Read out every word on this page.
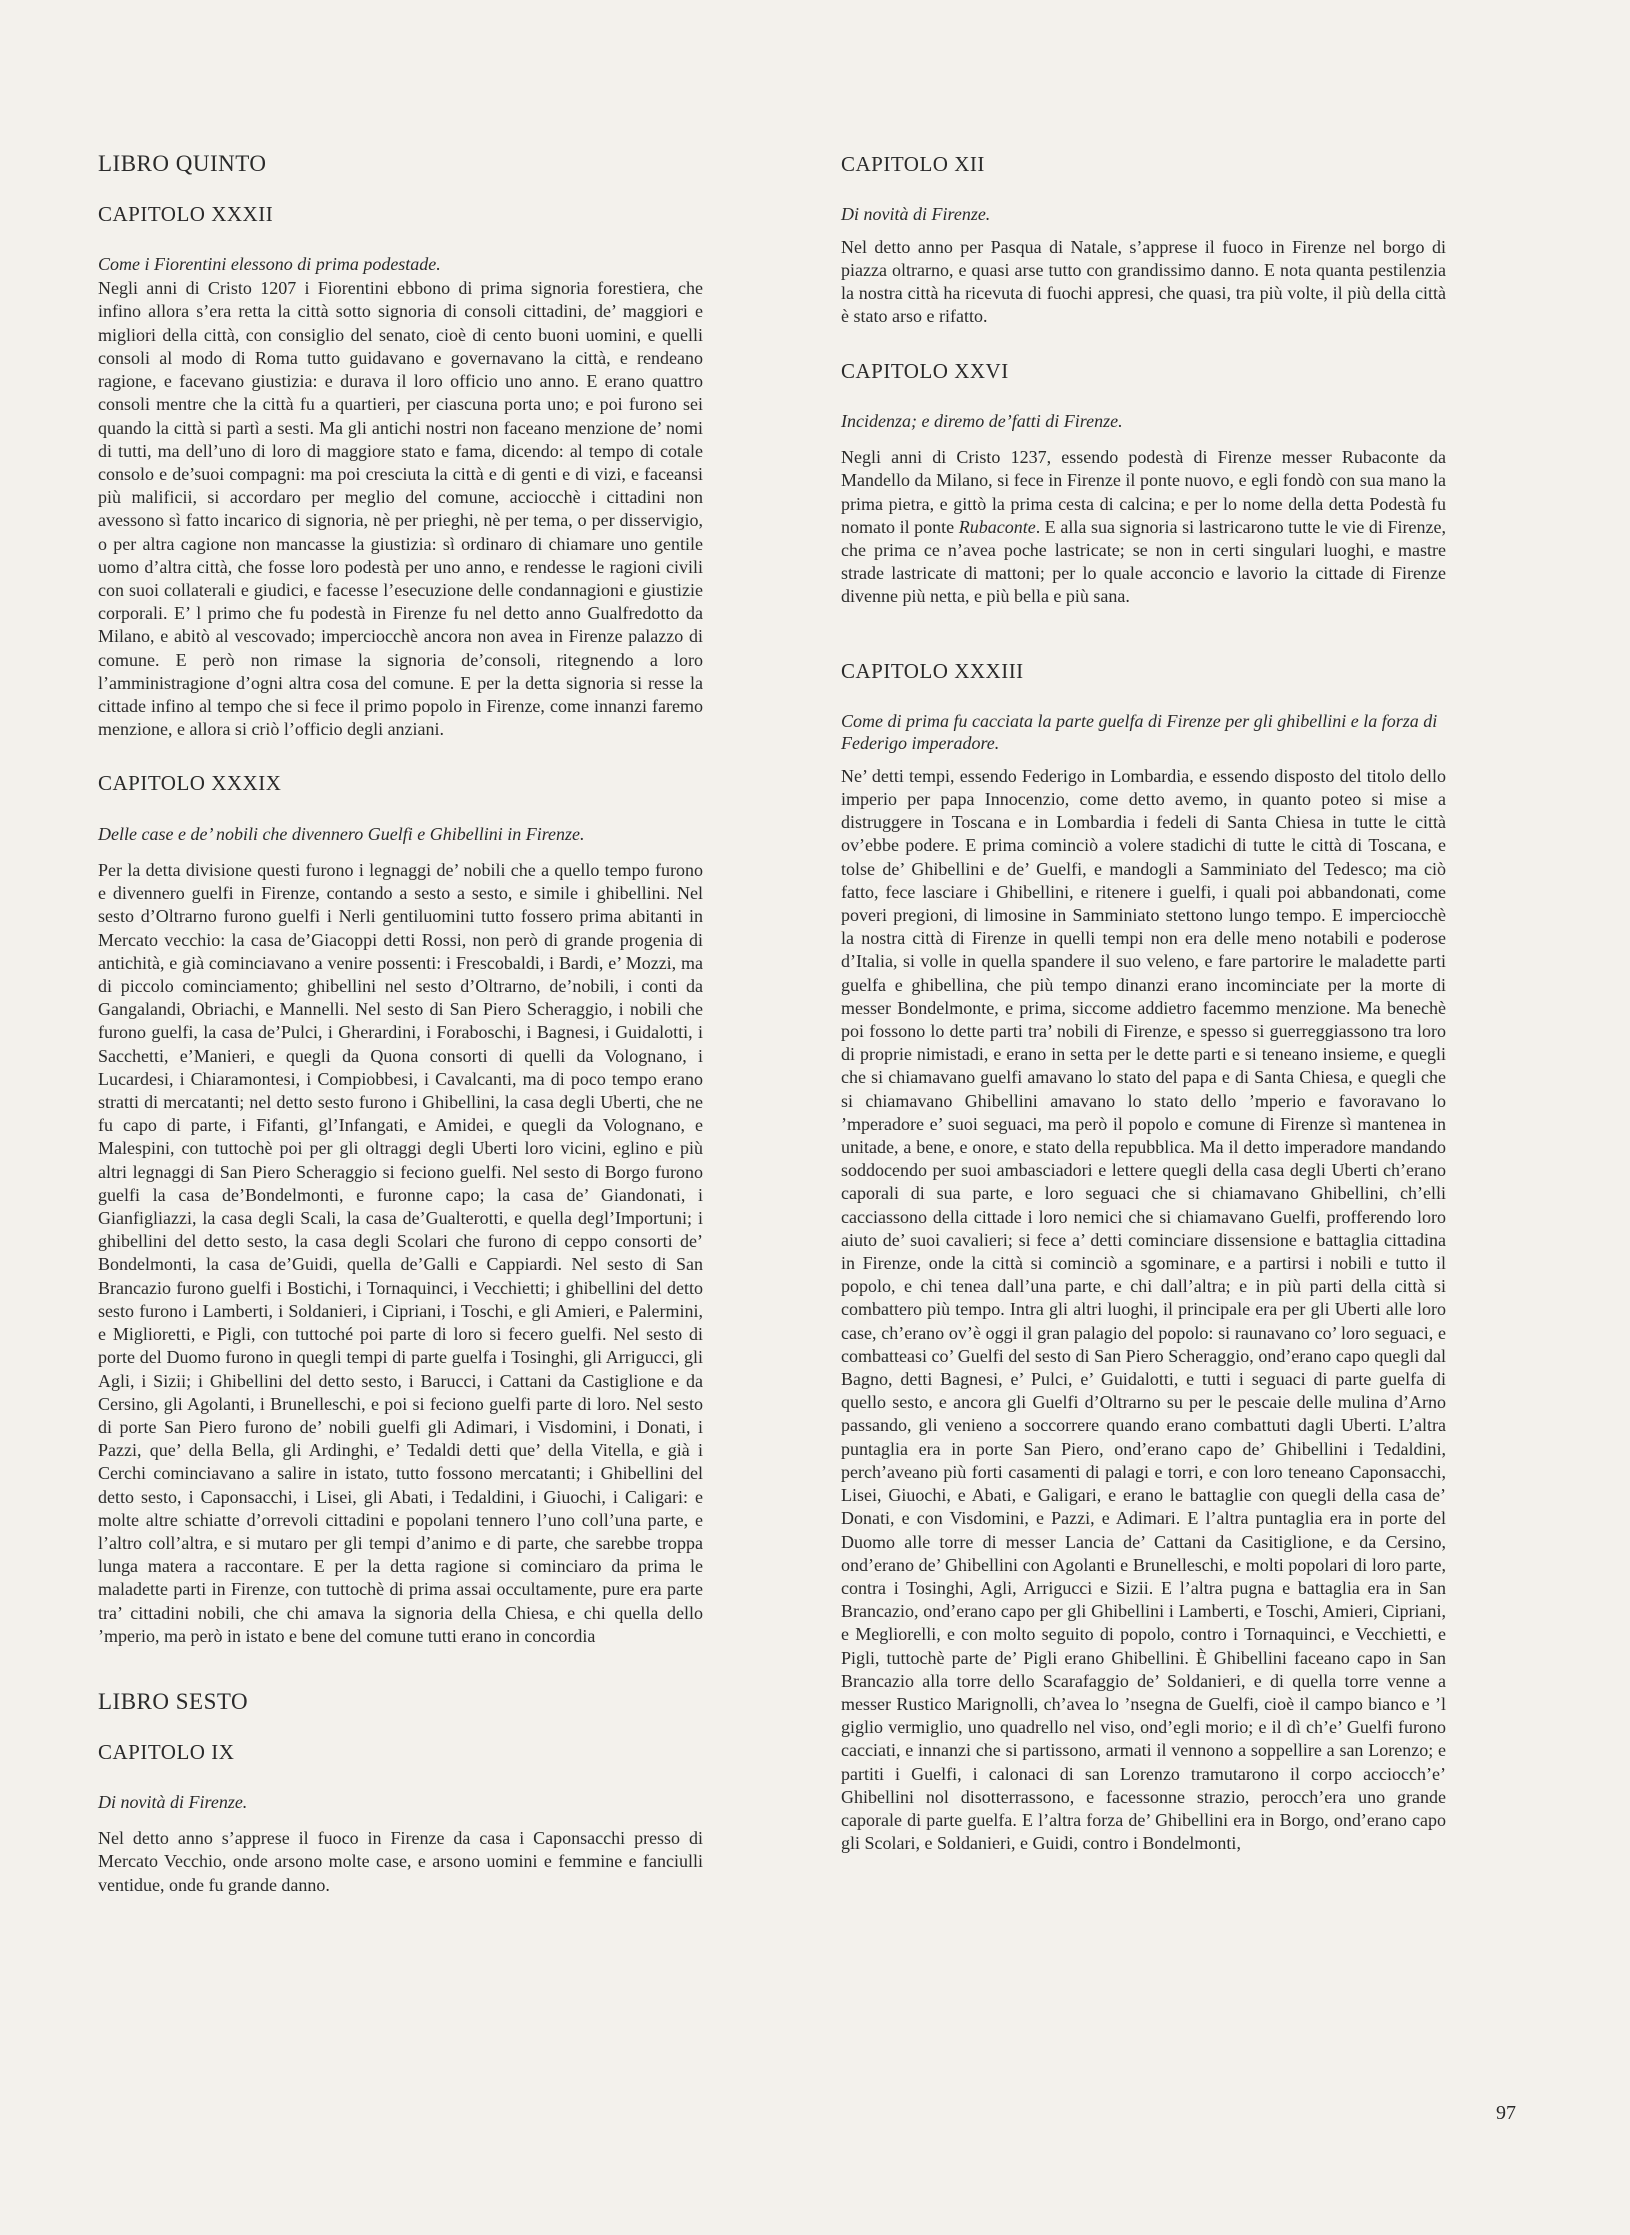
LIBRO QUINTO
CAPITOLO XXXII

Come i Fiorentini elessono di prima podestade.

Negli anni di Cristo 1207 i Fiorentini ebbono di prima signoria forestiera, che infino allora s’era retta la città sotto signoria di consoli cittadini, de’ maggiori e migliori della città, con consiglio del senato, cioè di cento buoni uomini, e quelli consoli al modo di Roma tutto guidavano e governavano la città, e rendeano ragione, e facevano giustizia: e durava il loro officio uno anno. E erano quattro consoli mentre che la città fu a quartieri, per ciascuna porta uno; e poi furono sei quando la città si partì a sesti. Ma gli antichi nostri non faceano menzione de’ nomi di tutti, ma dell’uno di loro di maggiore stato e fama, dicendo: al tempo di cotale consolo e de’suoi compagni: ma poi cresciuta la città e di genti e di vizi, e faceansi più malificii, si accordaro per meglio del comune, acciocchè i cittadini non avessono sì fatto incarico di signoria, nè per prieghi, nè per tema, o per disservigio, o per altra cagione non mancasse la giustizia: sì ordinaro di chiamare uno gentile uomo d’altra città, che fosse loro podestà per uno anno, e rendesse le ragioni civili con suoi collaterali e giudici, e facesse l’esecuzione delle condannagioni e giustizie corporali. E’ l primo che fu podestà in Firenze fu nel detto anno Gualfredotto da Milano, e abitò al vescovado; imperciocchè ancora non avea in Firenze palazzo di comune. E però non rimase la signoria de’consoli, ritegnendo a loro l’amministragione d’ogni altra cosa del comune. E per la detta signoria si resse la cittade infino al tempo che si fece il primo popolo in Firenze, come innanzi faremo menzione, e allora si criò l’officio degli anziani.

CAPITOLO XXXIX

Delle case e de’ nobili che divennero Guelfi e Ghibellini in Firenze.

Per la detta divisione questi furono i legnaggi de’ nobili che a quello tempo furono e divennero guelfi in Firenze, contando a sesto a sesto, e simile i ghibellini. Nel sesto d’Oltrarno furono guelfi i Nerli gentiluomini tutto fossero prima abitanti in Mercato vecchio: la casa de’Giacoppi detti Rossi, non però di grande progenia di antichità, e già cominciavano a venire possenti: i Frescobaldi, i Bardi, e’ Mozzi, ma di piccolo cominciamento; ghibellini nel sesto d’Oltrarno, de’nobili, i conti da Gangalandi, Obriachi, e Mannelli. Nel sesto di San Piero Scheraggio, i nobili che furono guelfi, la casa de’Pulci, i Gherardini, i Foraboschi, i Bagnesi, i Guidalotti, i Sacchetti, e’Manieri, e quegli da Quona consorti di quelli da Volognano, i Lucardesi, i Chiaramontesi, i Compiobbesi, i Cavalcanti, ma di poco tempo erano stratti di mercatanti; nel detto sesto furono i Ghibellini, la casa degli Uberti, che ne fu capo di parte, i Fifanti, gl’Infangati, e Amidei, e quegli da Volognano, e Malespini, con tuttochè poi per gli oltraggi degli Uberti loro vicini, eglino e più altri legnaggi di San Piero Scheraggio si feciono guelfi. Nel sesto di Borgo furono guelfi la casa de’Bondelmonti, e furonne capo; la casa de’ Giandonati, i Gianfigliazzi, la casa degli Scali, la casa de’Gualterotti, e quella degl’Importuni; i ghibellini del detto sesto, la casa degli Scolari che furono di ceppo consorti de’ Bondelmonti, la casa de’Guidi, quella de’Galli e Cappiardi. Nel sesto di San Brancazio furono guelfi i Bostichi, i Tornaquinci, i Vecchietti; i ghibellini del detto sesto furono i Lamberti, i Soldanieri, i Cipriani, i Toschi, e gli Amieri, e Palermini, e Miglioretti, e Pigli, con tuttoché poi parte di loro si fecero guelfi. Nel sesto di porte del Duomo furono in quegli tempi di parte guelfa i Tosinghi, gli Arrigucci, gli Agli, i Sizii; i Ghibellini del detto sesto, i Barucci, i Cattani da Castiglione e da Cersino, gli Agolanti, i Brunelleschi, e poi si feciono guelfi parte di loro. Nel sesto di porte San Piero furono de’ nobili guelfi gli Adimari, i Visdomini, i Donati, i Pazzi, que’ della Bella, gli Ardinghi, e’ Tedaldi detti que’ della Vitella, e già i Cerchi cominciavano a salire in istato, tutto fossono mercatanti; i Ghibellini del detto sesto, i Caponsacchi, i Lisei, gli Abati, i Tedaldini, i Giuochi, i Caligari: e molte altre schiatte d’orrevoli cittadini e popolani tennero l’uno coll’una parte, e l’altro coll’altra, e si mutaro per gli tempi d’animo e di parte, che sarebbe troppa lunga matera a raccontare. E per la detta ragione si cominciaro da prima le maladette parti in Firenze, con tuttochè di prima assai occultamente, pure era parte tra’ cittadini nobili, che chi amava la signoria della Chiesa, e chi quella dello ’mperio, ma però in istato e bene del comune tutti erano in concordia

LIBRO SESTO
CAPITOLO IX

Di novità di Firenze.

Nel detto anno s’apprese il fuoco in Firenze da casa i Caponsacchi presso di Mercato Vecchio, onde arsono molte case, e arsono uomini e femmine e fanciulli ventidue, onde fu grande danno.

CAPITOLO XII

Di novità di Firenze.

Nel detto anno per Pasqua di Natale, s’apprese il fuoco in Firenze nel borgo di piazza oltrarno, e quasi arse tutto con grandissimo danno. E nota quanta pestilenzia la nostra città ha ricevuta di fuochi appresi, che quasi, tra più volte, il più della città è stato arso e rifatto.

CAPITOLO XXVI

Incidenza; e diremo de’fatti di Firenze.

Negli anni di Cristo 1237, essendo podestà di Firenze messer Rubaconte da Mandello da Milano, si fece in Firenze il ponte nuovo, e egli fondò con sua mano la prima pietra, e gittò la prima cesta di calcina; e per lo nome della detta Podestà fu nomato il ponte Rubaconte. E alla sua signoria si lastricarono tutte le vie di Firenze, che prima ce n’avea poche lastricate; se non in certi singulari luoghi, e mastre strade lastricate di mattoni; per lo quale acconcio e lavorio la cittade di Firenze divenne più netta, e più bella e più sana.

CAPITOLO XXXIII

Come di prima fu cacciata la parte guelfa di Firenze per gli ghibellini e la forza di Federigo imperadore.

Ne’ detti tempi, essendo Federigo in Lombardia, e essendo disposto del titolo dello imperio per papa Innocenzio, come detto avemo, in quanto poteo si mise a distruggere in Toscana e in Lombardia i fedeli di Santa Chiesa in tutte le città ov’ebbe podere. E prima cominciò a volere stadichi di tutte le città di Toscana, e tolse de’ Ghibellini e de’ Guelfi, e mandogli a Samminiato del Tedesco; ma ciò fatto, fece lasciare i Ghibellini, e ritenere i guelfi, i quali poi abbandonati, come poveri pregioni, di limosine in Samminiato stettono lungo tempo. E imperciocchè la nostra città di Firenze in quelli tempi non era delle meno notabili e poderose d’Italia, si volle in quella spandere il suo veleno, e fare partorire le maladette parti guelfa e ghibellina, che più tempo dinanzi erano incominciate per la morte di messer Bondelmonte, e prima, siccome addietro facemmo menzione. Ma benechè poi fossono lo dette parti tra’ nobili di Firenze, e spesso si guerreggiassono tra loro di proprie nimistadi, e erano in setta per le dette parti e si teneano insieme, e quegli che si chiamavano guelfi amavano lo stato del papa e di Santa Chiesa, e quegli che si chiamavano Ghibellini amavano lo stato dello ’mperio e favoravano lo ’mperadore e’ suoi seguaci, ma però il popolo e comune di Firenze sì mantenea in unitade, a bene, e onore, e stato della repubblica. Ma il detto imperadore mandando soddocendo per suoi ambasciadori e lettere quegli della casa degli Uberti ch’erano caporali di sua parte, e loro seguaci che si chiamavano Ghibellini, ch’elli cacciassono della cittade i loro nemici che si chiamavano Guelfi, profferendo loro aiuto de’ suoi cavalieri; si fece a’ detti cominciare dissensione e battaglia cittadina in Firenze, onde la città si cominciò a sgominare, e a partirsi i nobili e tutto il popolo, e chi tenea dall’una parte, e chi dall’altra; e in più parti della città si combattero più tempo. Intra gli altri luoghi, il principale era per gli Uberti alle loro case, ch’erano ov’è oggi il gran palagio del popolo: si raunavano co’ loro seguaci, e combatteasi co’ Guelfi del sesto di San Piero Scheraggio, ond’erano capo quegli dal Bagno, detti Bagnesi, e’ Pulci, e’ Guidalotti, e tutti i seguaci di parte guelfa di quello sesto, e ancora gli Guelfi d’Oltrarno su per le pescaie delle mulina d’Arno passando, gli venieno a soccorrere quando erano combattuti dagli Uberti. L’altra puntaglia era in porte San Piero, ond’erano capo de’ Ghibellini i Tedaldini, perch’aveano più forti casamenti di palagi e torri, e con loro teneano Caponsacchi, Lisei, Giuochi, e Abati, e Galigari, e erano le battaglie con quegli della casa de’ Donati, e con Visdomini, e Pazzi, e Adimari. E l’altra puntaglia era in porte del Duomo alle torre di messer Lancia de’ Cattani da Casitiglione, e da Cersino, ond’erano de’ Ghibellini con Agolanti e Brunelleschi, e molti popolari di loro parte, contra i Tosinghi, Agli, Arrigucci e Sizii. E l’altra pugna e battaglia era in San Brancazio, ond’erano capo per gli Ghibellini i Lamberti, e Toschi, Amieri, Cipriani, e Megliorelli, e con molto seguito di popolo, contro i Tornaquinci, e Vecchietti, e Pigli, tuttochè parte de’ Pigli erano Ghibellini. È Ghibellini faceano capo in San Brancazio alla torre dello Scarafaggio de’ Soldanieri, e di quella torre venne a messer Rustico Marignolli, ch’avea lo ’nsegna de Guelfi, cioè il campo bianco e ’l giglio vermiglio, uno quadrello nel viso, ond’egli morio; e il dì ch’e’ Guelfi furono cacciati, e innanzi che si partissono, armati il vennono a soppellire a san Lorenzo; e partiti i Guelfi, i calonaci di san Lorenzo tramutarono il corpo acciocch’e’ Ghibellini nol disotterrassono, e facessonne strazio, perocch’era uno grande caporale di parte guelfa. E l’altra forza de’ Ghibellini era in Borgo, ond’erano capo gli Scolari, e Soldanieri, e Guidi, contro i Bondelmonti,

97
